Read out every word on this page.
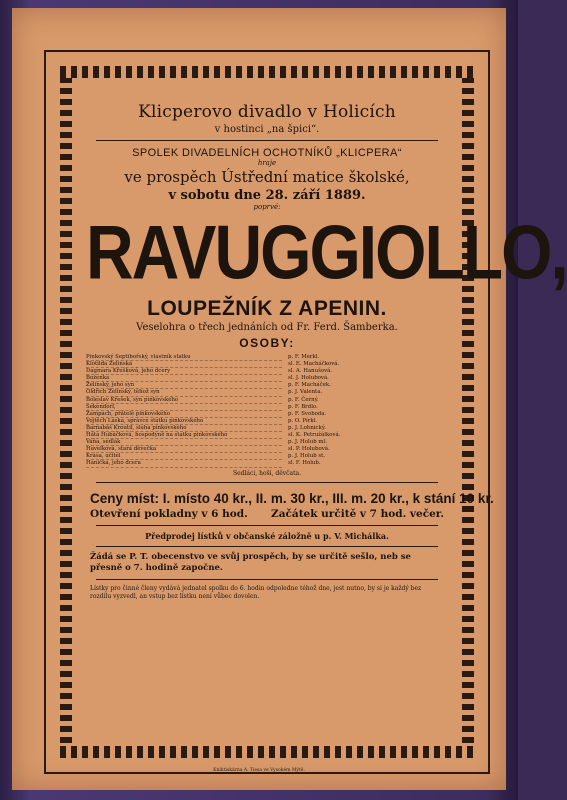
Klicperovo divadlo v Holicích
v hostinci „na špici“.
SPOLEK DIVADELNÍCH OCHOTNÍKŮ „KLICPERA“
hraje
ve prospěch Ústřední matice školské,
v sobotu dne 28. září 1889.
poprvé:
RAVUGGIOLLO,
LOUPEŽNÍK Z APENIN.
Veselohra o třech jednáních od Fr. Ferd. Šamberka.
OSOBY:
Pinkovský Septibořský, vlastník statku	p. F. Merkl.
Klotilda Želinská	sl. E. Macháčková.
Dagmara Křešková, jeho dcery	sl. A. Hanušová.
Boženka	sl. J. Holubová.
Želinský, jeho syn	p. F. Macháček.
Oldřich Želinský, téhož syn	p. J. Valenta.
Boleslav Křešek, syn pinkovského	p. F. Černý.
Sekendorf,	p. F. Brdlo.
Žampach, přátelé pinkovského	p. F. Svoboda.
Vojtěch Láska, správce statku pinkovského	p. O. Pírkl.
Barnabáš Kroutil, sluha pinkovského	p. J. Lohnický.
Háta Hubáčková, hospodyně na statku pinkovského	sl. K. Petružálková.
Váňa, sedlák	p. J. Holub ml.
Havelková, stará děvečka	sl. P. Holubová.
Krása, učitel	p. J. Holub st.
Hanička, jeho dcera	sl. F. Holub.
Sedláci, hoši, děvčata.
Ceny míst: I. místo 40 kr., II. m. 30 kr., III. m. 20 kr., k stání 10 kr.
Otevření pokladny v 6 hod. Začátek určitě v 7 hod. večer.
Předprodej lístků v občanské záložně u p. V. Michálka.
Žádá se P. T. obecenstvo ve svůj prospěch, by se určitě sešlo, neb se přesně o 7. hodině započne.
Lístky pro činné členy vydává jednatel spolku do 6. hodin odpoledne téhož dne, jest nutno, by si je každý bez rozdílu vyzvedl, an vstup bez lístku není vůbec dovolen.
Knihtiskárna A. Tiesa ve Vysokém Mýtě.
